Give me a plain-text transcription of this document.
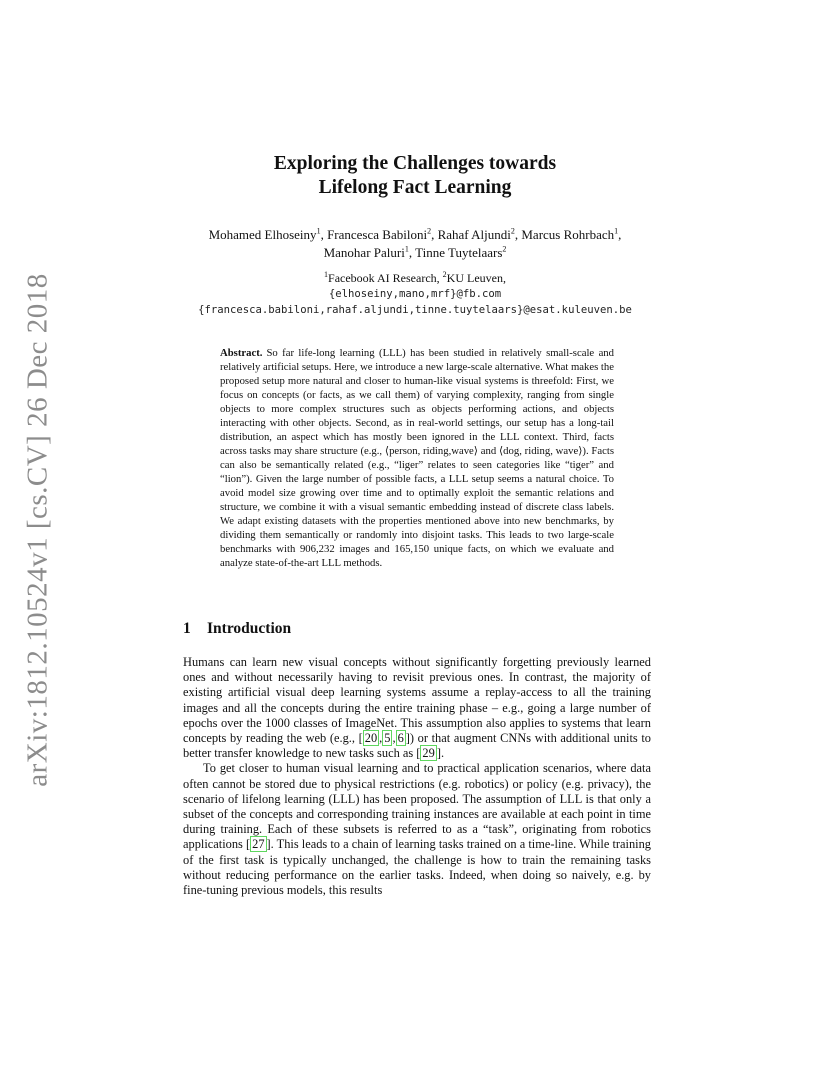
arXiv:1812.10524v1 [cs.CV] 26 Dec 2018
Exploring the Challenges towards
Lifelong Fact Learning
Mohamed Elhoseiny$^1$, Francesca Babiloni$^2$, Rahaf Aljundi$^2$, Marcus Rohrbach$^1$,
Manohar Paluri$^1$, Tinne Tuytelaars$^2$
$^1$Facebook AI Research, $^2$KU Leuven,
{elhoseiny,mano,mrf}@fb.com
{francesca.babiloni,rahaf.aljundi,tinne.tuytelaars}@esat.kuleuven.be
Abstract. So far life-long learning (LLL) has been studied in relatively small-scale and relatively artificial setups. Here, we introduce a new large-scale alternative. What makes the proposed setup more natural and closer to human-like visual systems is threefold: First, we focus on concepts (or facts, as we call them) of varying complexity, ranging from single objects to more complex structures such as objects performing actions, and objects interacting with other objects. Second, as in real-world settings, our setup has a long-tail distribution, an aspect which has mostly been ignored in the LLL context. Third, facts across tasks may share structure (e.g., ⟨person, riding,wave⟩ and ⟨dog, riding, wave⟩). Facts can also be semantically related (e.g., “liger” relates to seen categories like “tiger” and “lion”). Given the large number of possible facts, a LLL setup seems a natural choice. To avoid model size growing over time and to optimally exploit the semantic relations and structure, we combine it with a visual semantic embedding instead of discrete class labels. We adapt existing datasets with the properties mentioned above into new benchmarks, by dividing them semantically or randomly into disjoint tasks. This leads to two large-scale benchmarks with 906,232 images and 165,150 unique facts, on which we evaluate and analyze state-of-the-art LLL methods.
1 Introduction

Humans can learn new visual concepts without significantly forgetting previously learned ones and without necessarily having to revisit previous ones. In contrast, the majority of existing artificial visual deep learning systems assume a replay-access to all the training images and all the concepts during the entire training phase – e.g., going a large number of epochs over the 1000 classes of ImageNet. This assumption also applies to systems that learn concepts by reading the web (e.g., [ 20 , 5 , 6 ]) or that augment CNNs with additional units to better transfer knowledge to new tasks such as [ 29 ].

To get closer to human visual learning and to practical application scenarios, where data often cannot be stored due to physical restrictions (e.g. robotics) or policy (e.g. privacy), the scenario of lifelong learning (LLL) has been proposed. The assumption of LLL is that only a subset of the concepts and corresponding training instances are available at each point in time during training. Each of these subsets is referred to as a “task”, originating from robotics applications [ 27 ]. This leads to a chain of learning tasks trained on a time-line. While training of the first task is typically unchanged, the challenge is how to train the remaining tasks without reducing performance on the earlier tasks. Indeed, when doing so naively, e.g. by fine-tuning previous models, this results
